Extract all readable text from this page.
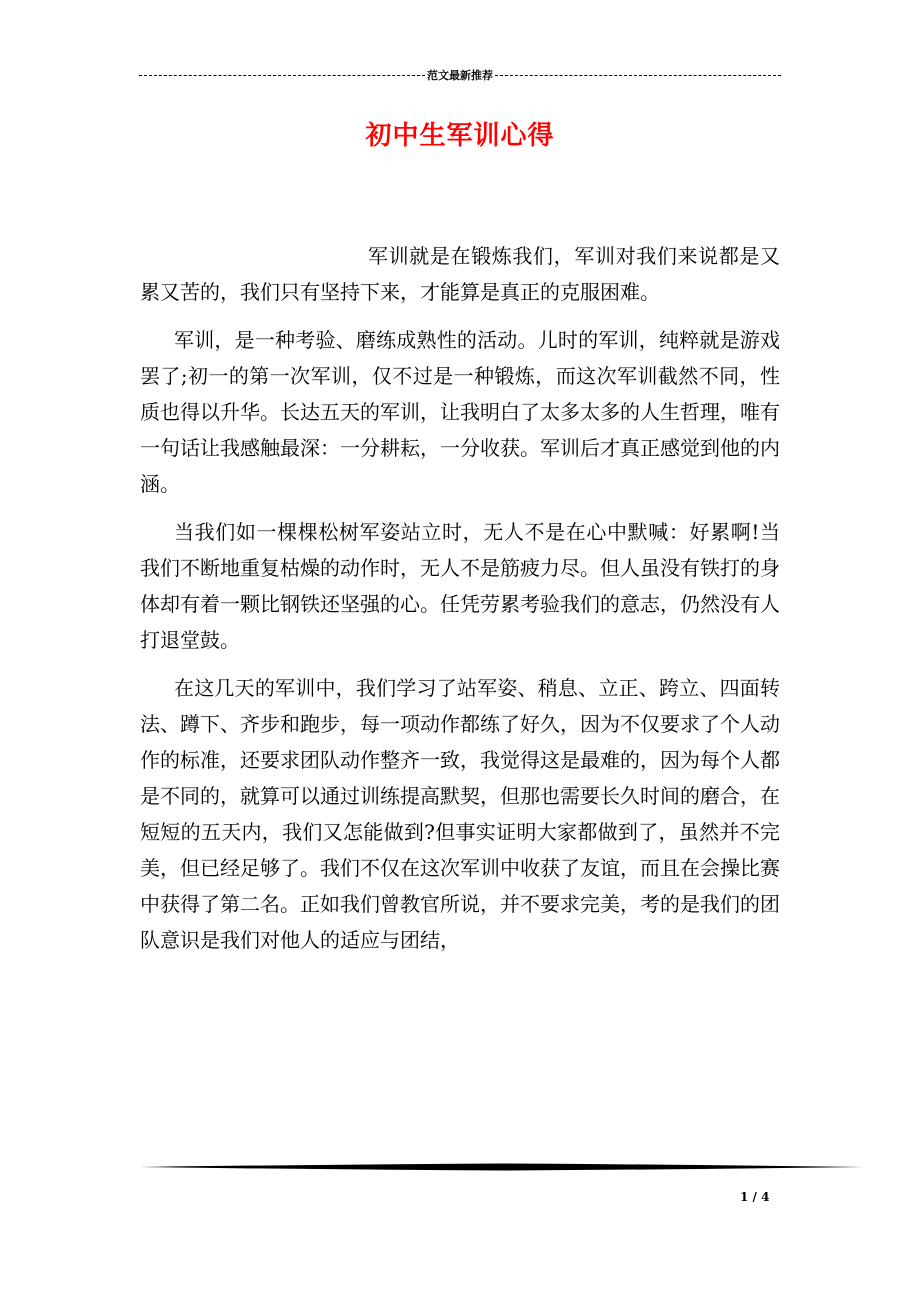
范文最新推荐
初中生军训心得

军训就是在锻炼我们，军训对我们来说都是又累又苦的，我们只有坚持下来，才能算是真正的克服困难。

军训，是一种考验、磨练成熟性的活动。儿时的军训，纯粹就是游戏罢了;初一的第一次军训，仅不过是一种锻炼，而这次军训截然不同，性质也得以升华。长达五天的军训，让我明白了太多太多的人生哲理，唯有一句话让我感触最深：一分耕耘，一分收获。军训后才真正感觉到他的内涵。

当我们如一棵棵松树军姿站立时，无人不是在心中默喊：好累啊!当我们不断地重复枯燥的动作时，无人不是筋疲力尽。但人虽没有铁打的身体却有着一颗比钢铁还坚强的心。任凭劳累考验我们的意志，仍然没有人打退堂鼓。

在这几天的军训中，我们学习了站军姿、稍息、立正、跨立、四面转法、蹲下、齐步和跑步，每一项动作都练了好久，因为不仅要求了个人动作的标准，还要求团队动作整齐一致，我觉得这是最难的，因为每个人都是不同的，就算可以通过训练提高默契，但那也需要长久时间的磨合，在短短的五天内，我们又怎能做到?但事实证明大家都做到了，虽然并不完美，但已经足够了。我们不仅在这次军训中收获了友谊，而且在会操比赛中获得了第二名。正如我们曾教官所说，并不要求完美，考的是我们的团队意识是我们对他人的适应与团结，

1 / 4
